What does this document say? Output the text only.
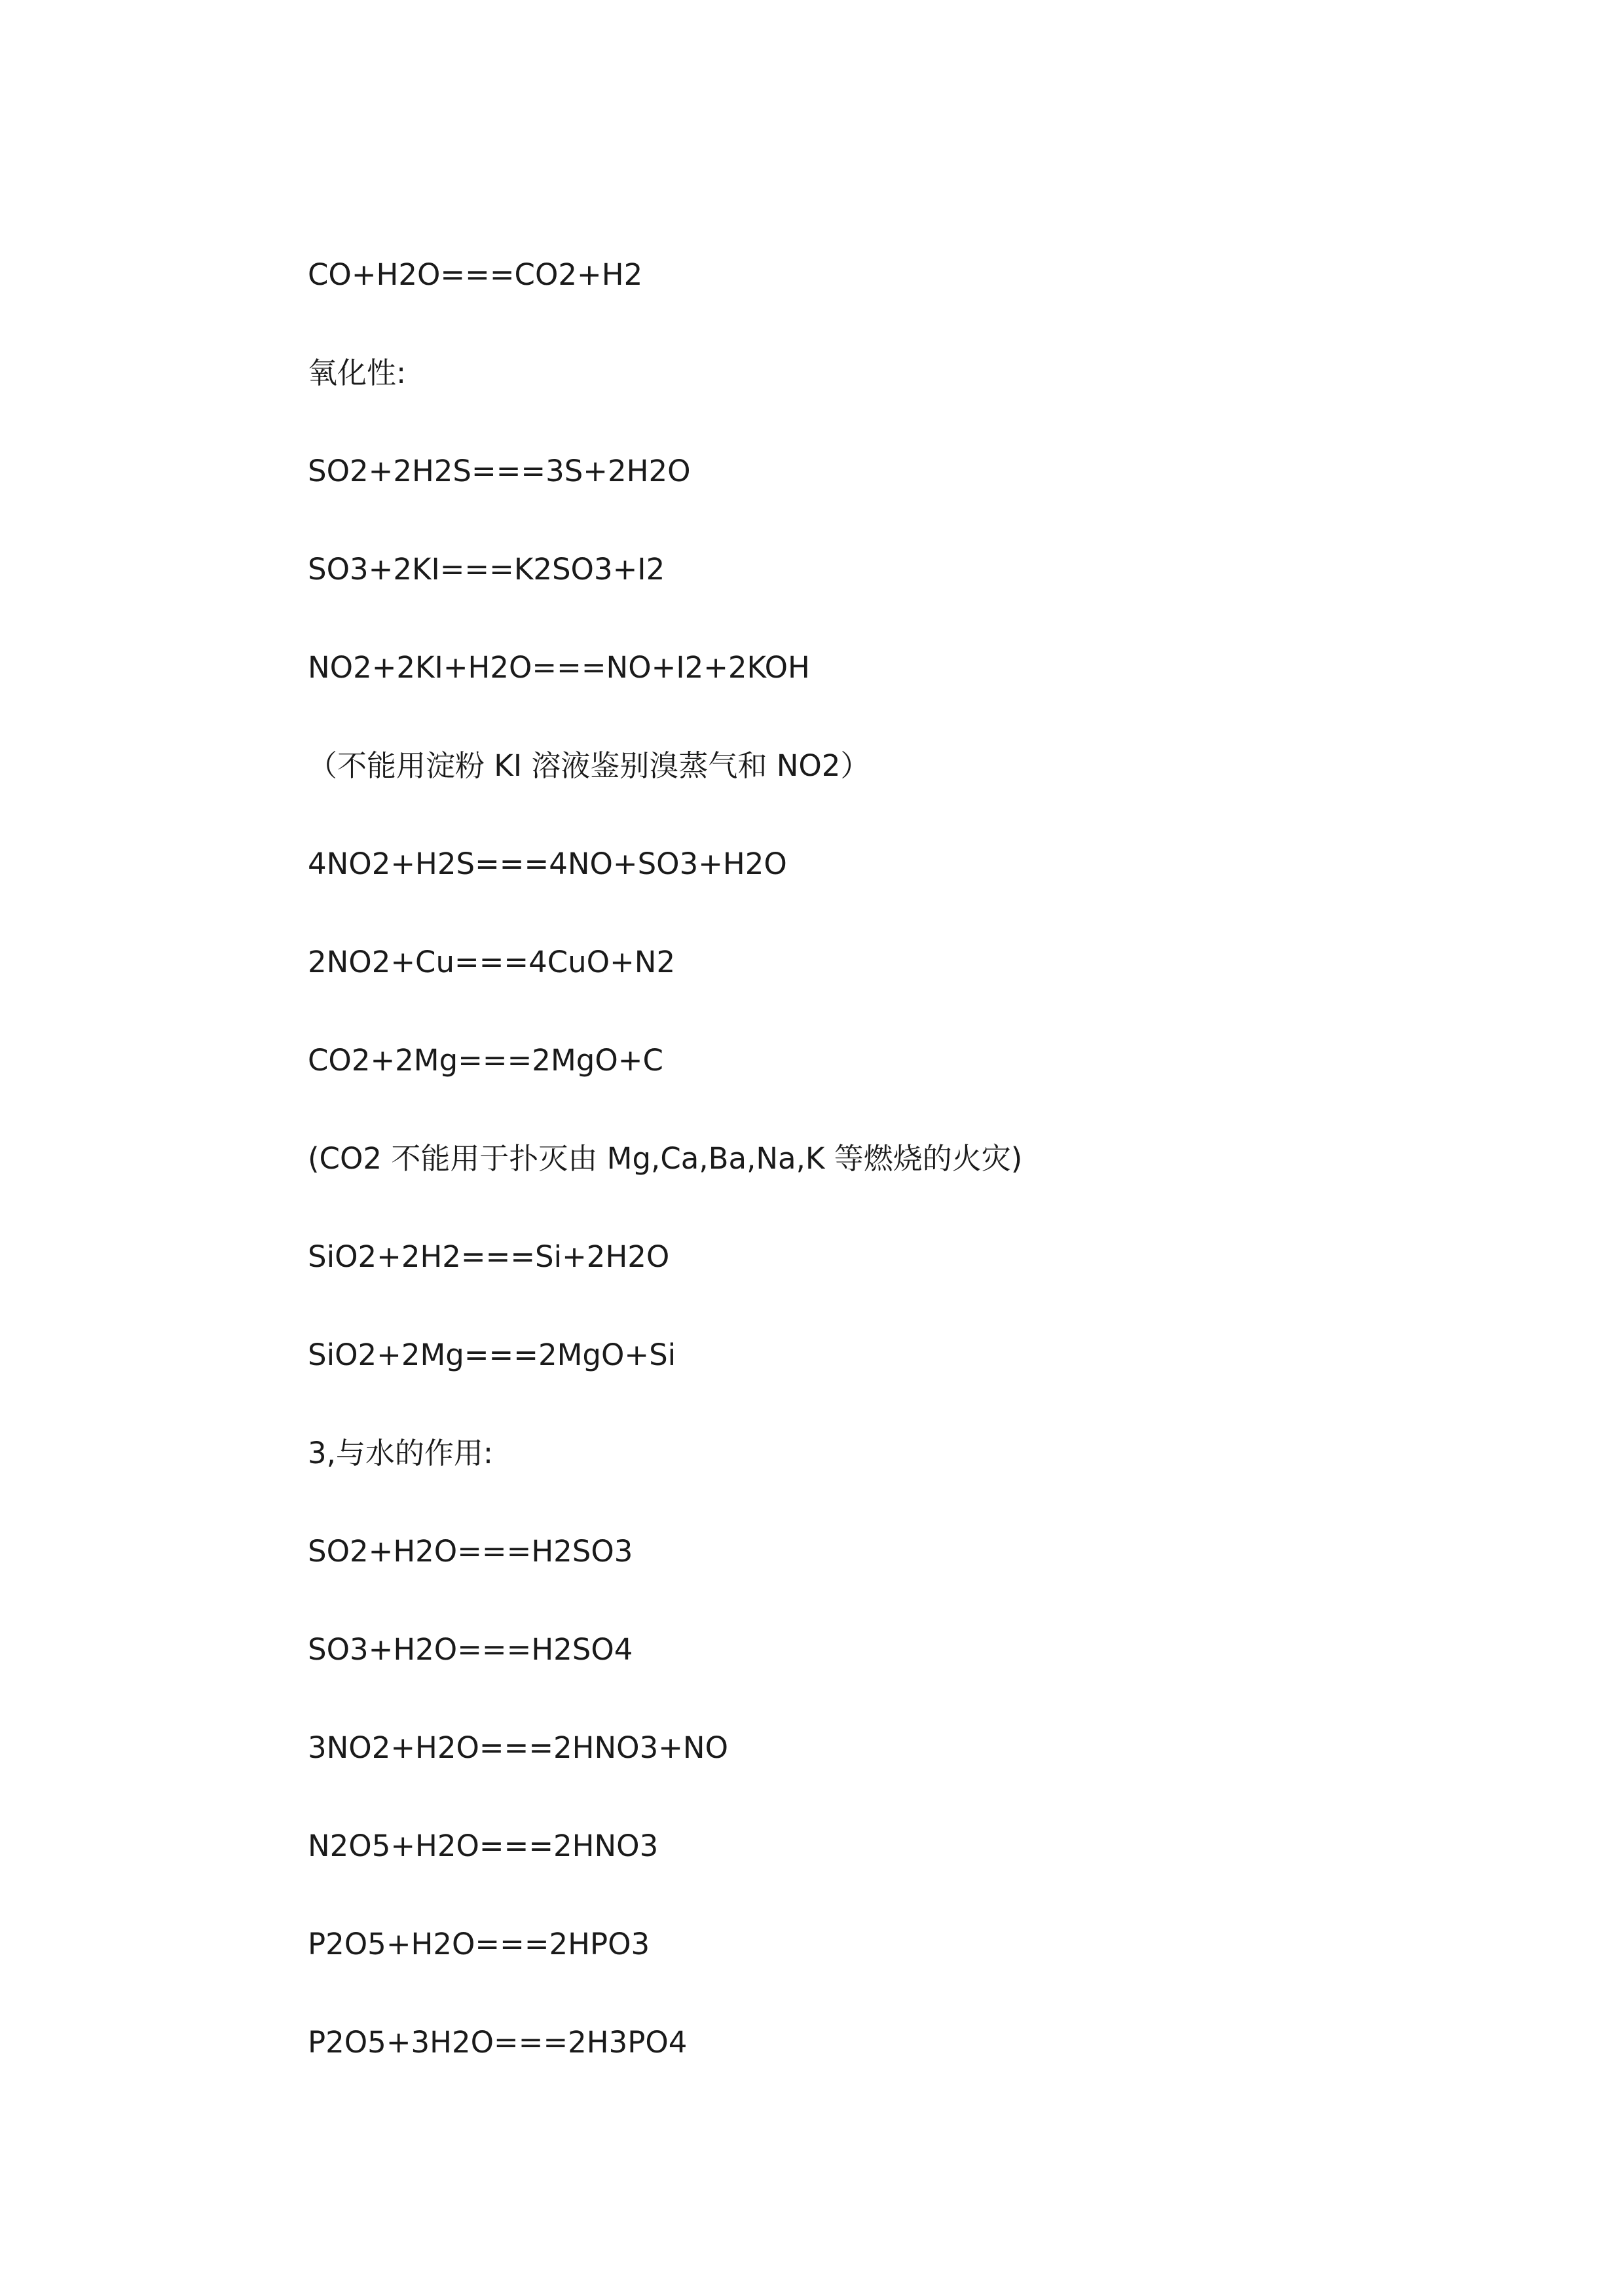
CO+H2O===CO2+H2

氧化性:

SO2+2H2S===3S+2H2O

SO3+2KI===K2SO3+I2

NO2+2KI+H2O===NO+I2+2KOH

（不能用淀粉 KI 溶液鉴别溴蒸气和 NO2）

4NO2+H2S===4NO+SO3+H2O

2NO2+Cu===4CuO+N2

CO2+2Mg===2MgO+C

(CO2 不能用于扑灭由 Mg,Ca,Ba,Na,K 等燃烧的火灾)

SiO2+2H2===Si+2H2O

SiO2+2Mg===2MgO+Si

3,与水的作用:

SO2+H2O===H2SO3

SO3+H2O===H2SO4

3NO2+H2O===2HNO3+NO

N2O5+H2O===2HNO3

P2O5+H2O===2HPO3

P2O5+3H2O===2H3PO4
